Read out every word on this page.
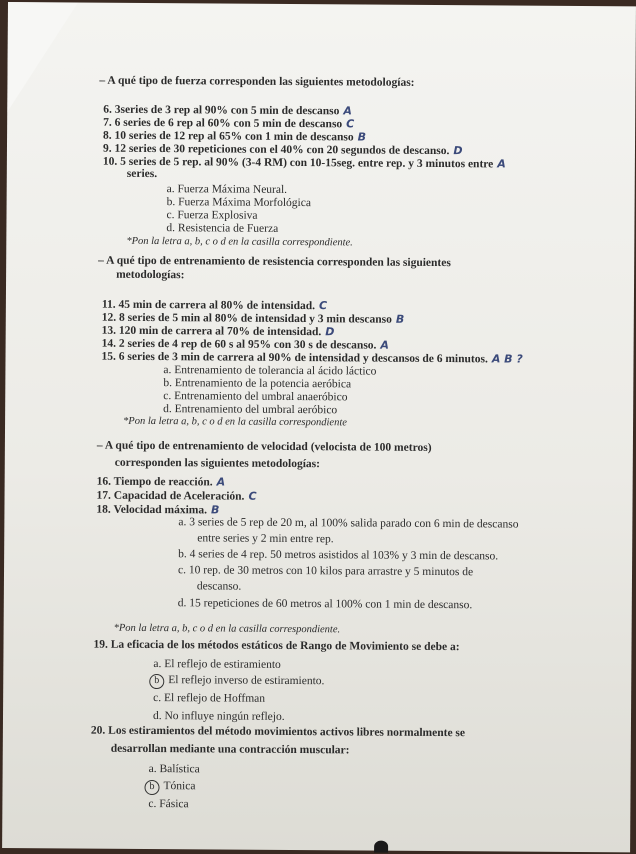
– A qué tipo de fuerza corresponden las siguientes metodologías:
6. 3series de 3 rep al 90% con 5 min de descanso A
7. 6 series de 6 rep al 60% con 5 min de descanso C
8. 10 series de 12 rep al 65% con 1 min de descanso B
9. 12 series de 30 repeticiones con el 40% con 20 segundos de descanso. D
10. 5 series de 5 rep. al 90% (3-4 RM) con 10-15seg. entre rep. y 3 minutos entre A
series.
a. Fuerza Máxima Neural.
b. Fuerza Máxima Morfológica
c. Fuerza Explosiva
d. Resistencia de Fuerza
*Pon la letra a, b, c o d en la casilla correspondiente.
– A qué tipo de entrenamiento de resistencia corresponden las siguientes
metodologías:
11. 45 min de carrera al 80% de intensidad. C
12. 8 series de 5 min al 80% de intensidad y 3 min descanso B
13. 120 min de carrera al 70% de intensidad. D
14. 2 series de 4 rep de 60 s al 95% con 30 s de descanso. A
15. 6 series de 3 min de carrera al 90% de intensidad y descansos de 6 minutos. A B ?
a. Entrenamiento de tolerancia al ácido láctico
b. Entrenamiento de la potencia aeróbica
c. Entrenamiento del umbral anaeróbico
d. Entrenamiento del umbral aeróbico
*Pon la letra a, b, c o d en la casilla correspondiente
– A qué tipo de entrenamiento de velocidad (velocista de 100 metros)
corresponden las siguientes metodologías:
16. Tiempo de reacción. A
17. Capacidad de Aceleración. C
18. Velocidad máxima. B
a. 3 series de 5 rep de 20 m, al 100% salida parado con 6 min de descanso
entre series y 2 min entre rep.
b. 4 series de 4 rep. 50 metros asistidos al 103% y 3 min de descanso.
c. 10 rep. de 30 metros con 10 kilos para arrastre y 5 minutos de
descanso.
d. 15 repeticiones de 60 metros al 100% con 1 min de descanso.
*Pon la letra a, b, c o d en la casilla correspondiente.
19. La eficacia de los métodos estáticos de Rango de Movimiento se debe a:
a. El reflejo de estiramiento
b El reflejo inverso de estiramiento.
c. El reflejo de Hoffman
d. No influye ningún reflejo.
20. Los estiramientos del método movimientos activos libres normalmente se
desarrollan mediante una contracción muscular:
a. Balística
b Tónica
c. Fásica
